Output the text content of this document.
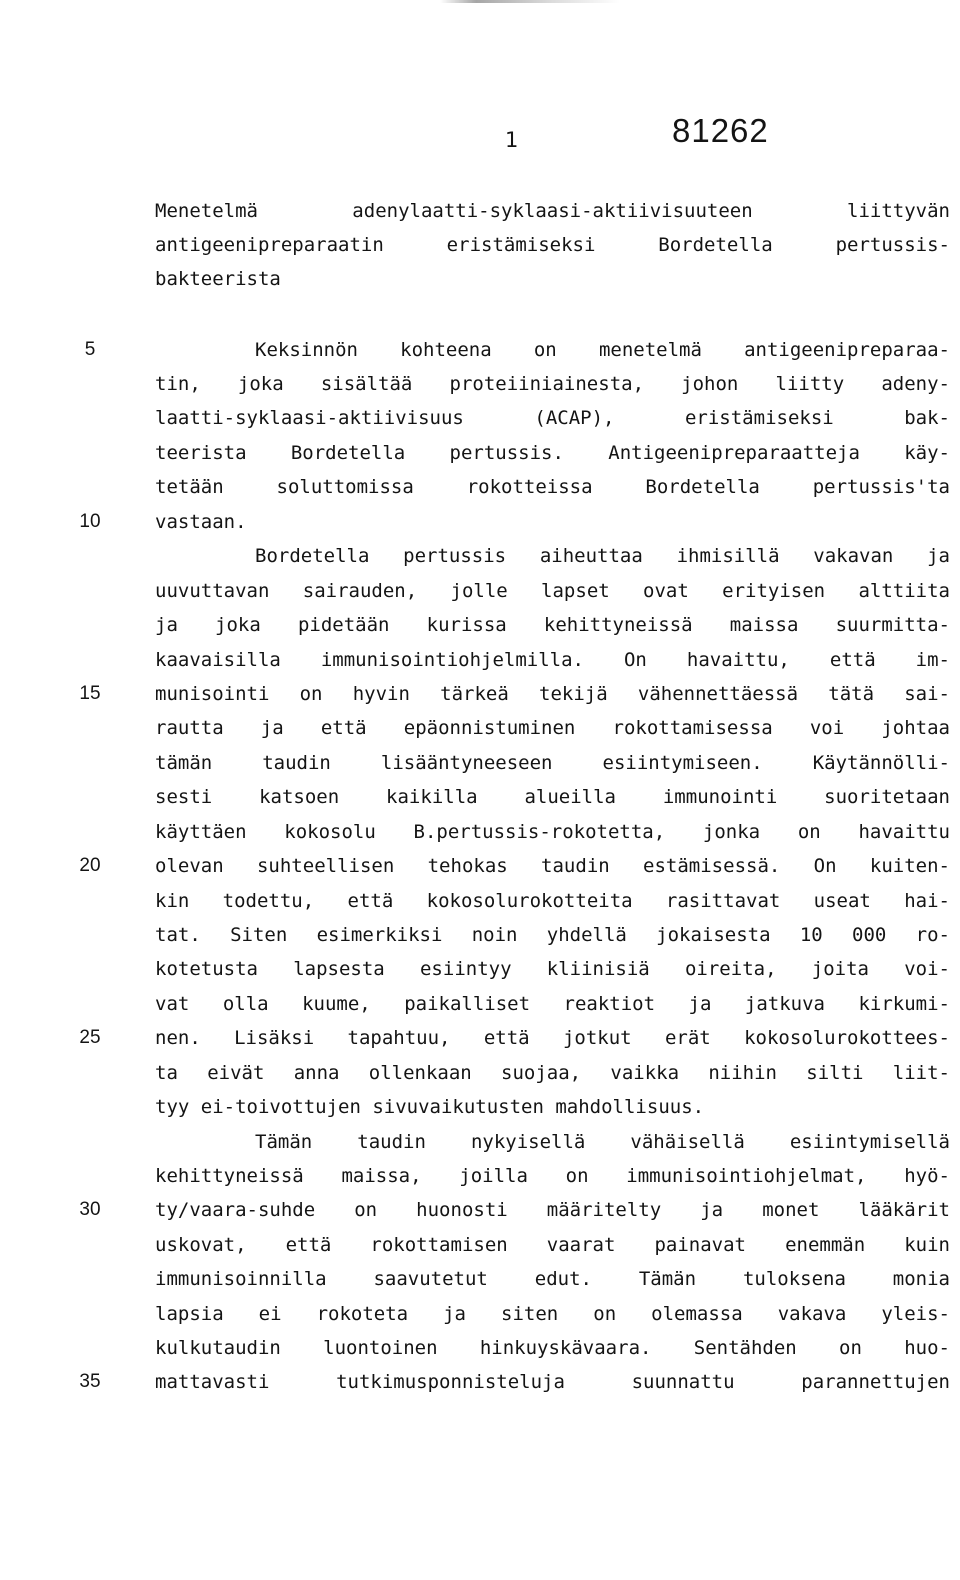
1	81262
Menetelmä adenylaatti-syklaasi-aktiivisuuteen liittyvän
antigeenipreparaatin eristämiseksi Bordetella pertussis-
bakteerista
5
10
15
20
25
30
35
Keksinnön kohteena on menetelmä antigeenipreparaa-
tin, joka sisältää proteiiniainesta, johon liitty adeny-
laatti-syklaasi-aktiivisuus (ACAP), eristämiseksi bak-
teerista Bordetella pertussis. Antigeenipreparaatteja käy-
tetään soluttomissa rokotteissa Bordetella pertussis'ta
vastaan.
Bordetella pertussis aiheuttaa ihmisillä vakavan ja
uuvuttavan sairauden, jolle lapset ovat erityisen alttiita
ja joka pidetään kurissa kehittyneissä maissa suurmitta-
kaavaisilla immunisointiohjelmilla. On havaittu, että im-
munisointi on hyvin tärkeä tekijä vähennettäessä tätä sai-
rautta ja että epäonnistuminen rokottamisessa voi johtaa
tämän taudin lisääntyneeseen esiintymiseen. Käytännölli-
sesti katsoen kaikilla alueilla immunointi suoritetaan
käyttäen kokosolu B.pertussis-rokotetta, jonka on havaittu
olevan suhteellisen tehokas taudin estämisessä. On kuiten-
kin todettu, että kokosolurokotteita rasittavat useat hai-
tat. Siten esimerkiksi noin yhdellä jokaisesta 10 000 ro-
kotetusta lapsesta esiintyy kliinisiä oireita, joita voi-
vat olla kuume, paikalliset reaktiot ja jatkuva kirkumi-
nen. Lisäksi tapahtuu, että jotkut erät kokosolurokottees-
ta eivät anna ollenkaan suojaa, vaikka niihin silti liit-
tyy ei-toivottujen sivuvaikutusten mahdollisuus.
Tämän taudin nykyisellä vähäisellä esiintymisellä
kehittyneissä maissa, joilla on immunisointiohjelmat, hyö-
ty/vaara-suhde on huonosti määritelty ja monet lääkärit
uskovat, että rokottamisen vaarat painavat enemmän kuin
immunisoinnilla saavutetut edut. Tämän tuloksena monia
lapsia ei rokoteta ja siten on olemassa vakava yleis-
kulkutaudin luontoinen hinkuyskävaara. Sentähden on huo-
mattavasti tutkimusponnisteluja suunnattu parannettujen
